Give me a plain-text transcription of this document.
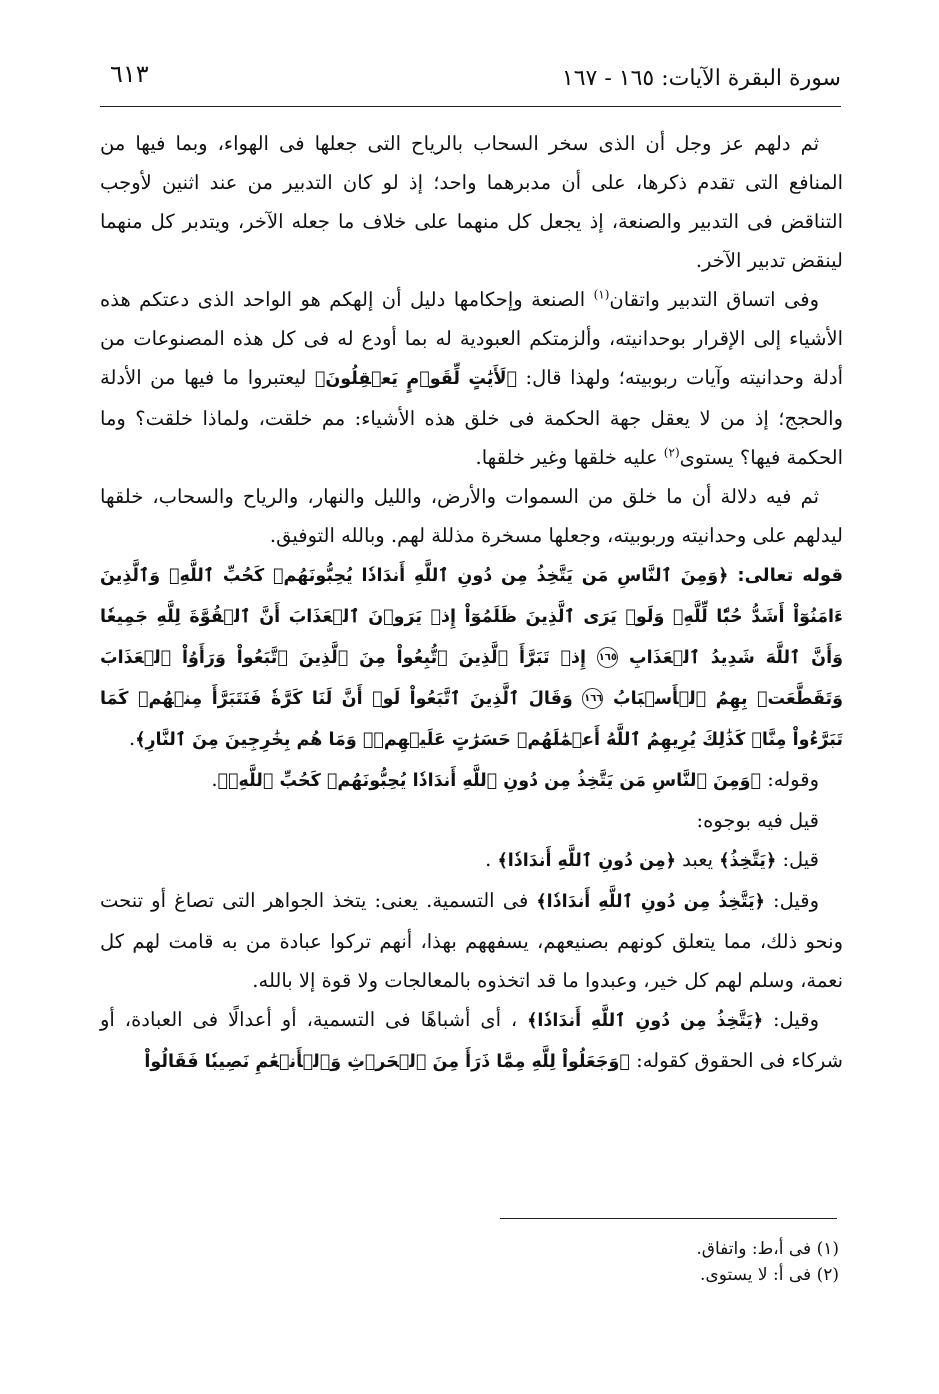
سورة البقرة الآيات: ١٦٥ - ١٦٧
٦١٣

ثم دلهم عز وجل أن الذى سخر السحاب بالرياح التى جعلها فى الهواء، وبما فيها من المنافع التى تقدم ذكرها، على أن مدبرهما واحد؛ إذ لو كان التدبير من عند اثنين لأوجب التناقض فى التدبير والصنعة، إذ يجعل كل منهما على خلاف ما جعله الآخر، ويتدبر كل منهما لينقض تدبير الآخر.

وفى اتساق التدبير واتقان$^{(١)}$ الصنعة وإحكامها دليل أن إلهكم هو الواحد الذى دعتكم هذه الأشياء إلى الإقرار بوحدانيته، وألزمتكم العبودية له بما أودع له فى كل هذه المصنوعات من أدلة وحدانيته وآيات ربوبيته؛ ولهذا قال: ﴿لَأَيَٰتٍ لِّقَوۡمٍ يَعۡقِلُونَ﴾ ليعتبروا ما فيها من الأدلة والحجج؛ إذ من لا يعقل جهة الحكمة فى خلق هذه الأشياء: مم خلقت، ولماذا خلقت؟ وما الحكمة فيها؟ يستوى$^{(٢)}$ عليه خلقها وغير خلقها.

ثم فيه دلالة أن ما خلق من السموات والأرض، والليل والنهار، والرياح والسحاب، خلقها ليدلهم على وحدانيته وربوبيته، وجعلها مسخرة مذللة لهم. وبالله التوفيق.

قوله تعالى: ﴿وَمِنَ ٱلنَّاسِ مَن يَتَّخِذُ مِن دُونِ ٱللَّهِ أَندَادٗا يُحِبُّونَهُمۡ كَحُبِّ ٱللَّهِۖ وَٱلَّذِينَ ءَامَنُوٓاْ أَشَدُّ حُبّٗا لِّلَّهِۗ وَلَوۡ يَرَى ٱلَّذِينَ ظَلَمُوٓاْ إِذۡ يَرَوۡنَ ٱلۡعَذَابَ أَنَّ ٱلۡقُوَّةَ لِلَّهِ جَمِيعٗا وَأَنَّ ٱللَّهَ شَدِيدُ ٱلۡعَذَابِ ١٦٥ إِذۡ تَبَرَّأَ ٱلَّذِينَ ٱتُّبِعُواْ مِنَ ٱلَّذِينَ ٱتَّبَعُواْ وَرَأَوُاْ ٱلۡعَذَابَ وَتَقَطَّعَتۡ بِهِمُ ٱلۡأَسۡبَابُ ١٦٦ وَقَالَ ٱلَّذِينَ ٱتَّبَعُواْ لَوۡ أَنَّ لَنَا كَرَّةٗ فَنَتَبَرَّأَ مِنۡهُمۡ كَمَا تَبَرَّءُواْ مِنَّاۗ كَذَٰلِكَ يُرِيهِمُ ٱللَّهُ أَعۡمَٰلَهُمۡ حَسَرَٰتٍ عَلَيۡهِمۡۖ وَمَا هُم بِخَٰرِجِينَ مِنَ ٱلنَّارِ﴾.

وقوله: ﴿وَمِنَ ٱلنَّاسِ مَن يَتَّخِذُ مِن دُونِ ٱللَّهِ أَندَادٗا يُحِبُّونَهُمۡ كَحُبِّ ٱللَّهِۖ﴾.

قيل فيه بوجوه:

قيل: ﴿يَتَّخِذُ﴾ يعبد ﴿مِن دُونِ ٱللَّهِ أَندَادٗا﴾ .

وقيل: ﴿يَتَّخِذُ مِن دُونِ ٱللَّهِ أَندَادٗا﴾ فى التسمية. يعنى: يتخذ الجواهر التى تصاغ أو تنحت ونحو ذلك، مما يتعلق كونهم بصنيعهم، يسفههم بهذا، أنهم تركوا عبادة من به قامت لهم كل نعمة، وسلم لهم كل خير، وعبدوا ما قد اتخذوه بالمعالجات ولا قوة إلا بالله.

وقيل: ﴿يَتَّخِذُ مِن دُونِ ٱللَّهِ أَندَادٗا﴾ ، أى أشباهًا فى التسمية، أو أعدالًا فى العبادة، أو شركاء فى الحقوق كقوله: ﴿وَجَعَلُواْ لِلَّهِ مِمَّا ذَرَأَ مِنَ ٱلۡحَرۡثِ وَٱلۡأَنۡعَٰمِ نَصِيبٗا فَقَالُواْ

(١) فى أ،ط: واتفاق.
(٢) فى أ: لا يستوى.
